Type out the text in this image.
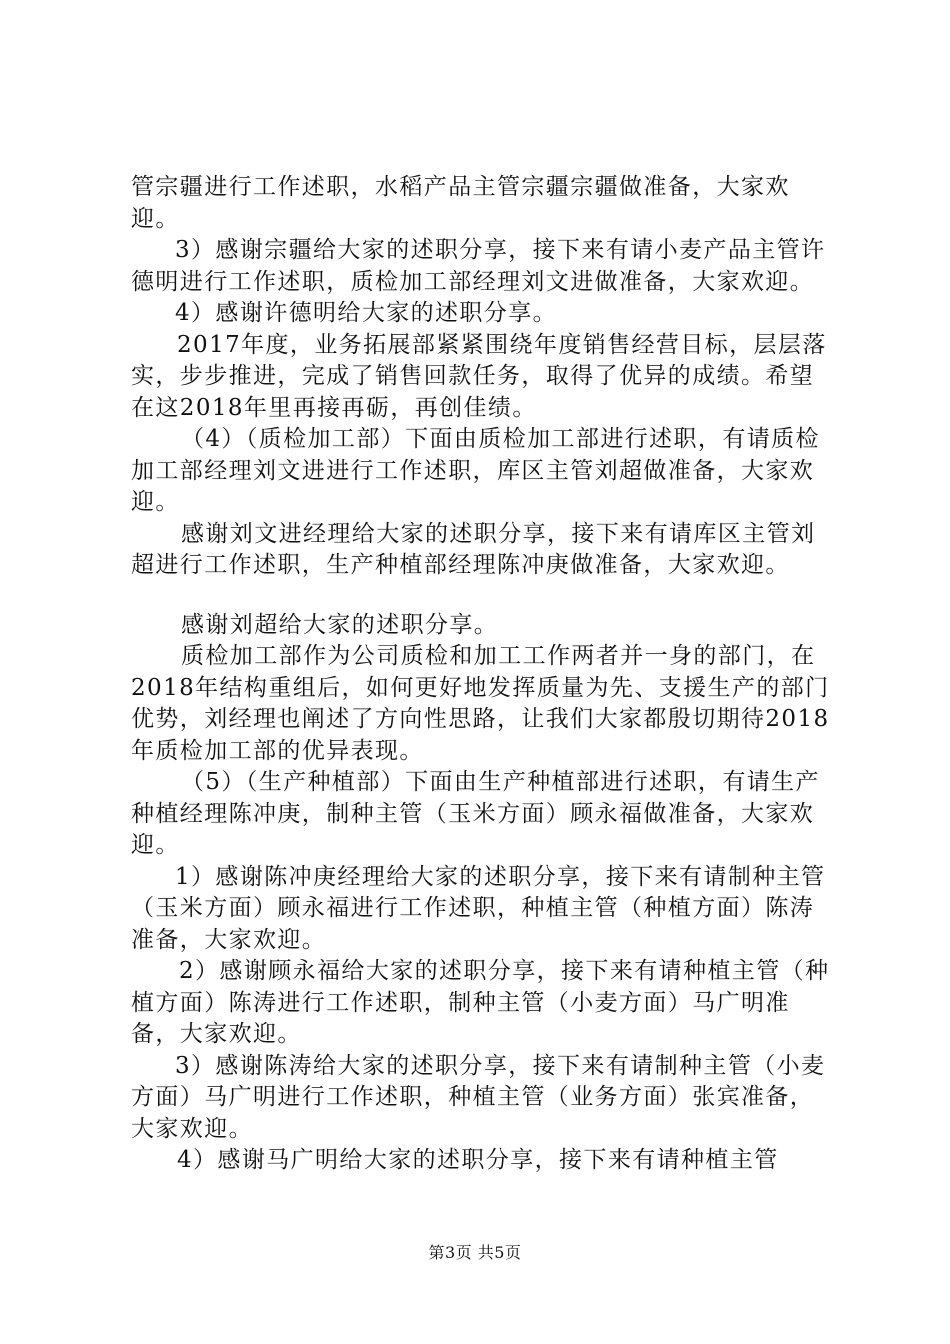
管宗疆进行工作述职，水稻产品主管宗疆宗疆做准备，大家欢迎。

3）感谢宗疆给大家的述职分享，接下来有请小麦产品主管许德明进行工作述职，质检加工部经理刘文进做准备，大家欢迎。

4）感谢许德明给大家的述职分享。

2017年度，业务拓展部紧紧围绕年度销售经营目标，层层落实，步步推进，完成了销售回款任务，取得了优异的成绩。希望在这2018年里再接再砺，再创佳绩。

（4）（质检加工部）下面由质检加工部进行述职，有请质检加工部经理刘文进进行工作述职，库区主管刘超做准备，大家欢迎。

感谢刘文进经理给大家的述职分享，接下来有请库区主管刘超进行工作述职，生产种植部经理陈冲庚做准备，大家欢迎。

感谢刘超给大家的述职分享。

质检加工部作为公司质检和加工工作两者并一身的部门，在2018年结构重组后，如何更好地发挥质量为先、支援生产的部门优势，刘经理也阐述了方向性思路，让我们大家都殷切期待2018年质检加工部的优异表现。

（5）（生产种植部）下面由生产种植部进行述职，有请生产种植经理陈冲庚，制种主管（玉米方面）顾永福做准备，大家欢迎。

1）感谢陈冲庚经理给大家的述职分享，接下来有请制种主管（玉米方面）顾永福进行工作述职，种植主管（种植方面）陈涛准备，大家欢迎。

2）感谢顾永福给大家的述职分享，接下来有请种植主管（种植方面）陈涛进行工作述职，制种主管（小麦方面）马广明准备，大家欢迎。

3）感谢陈涛给大家的述职分享，接下来有请制种主管（小麦方面）马广明进行工作述职，种植主管（业务方面）张宾准备，大家欢迎。

4）感谢马广明给大家的述职分享，接下来有请种植主管

第3页 共5页
